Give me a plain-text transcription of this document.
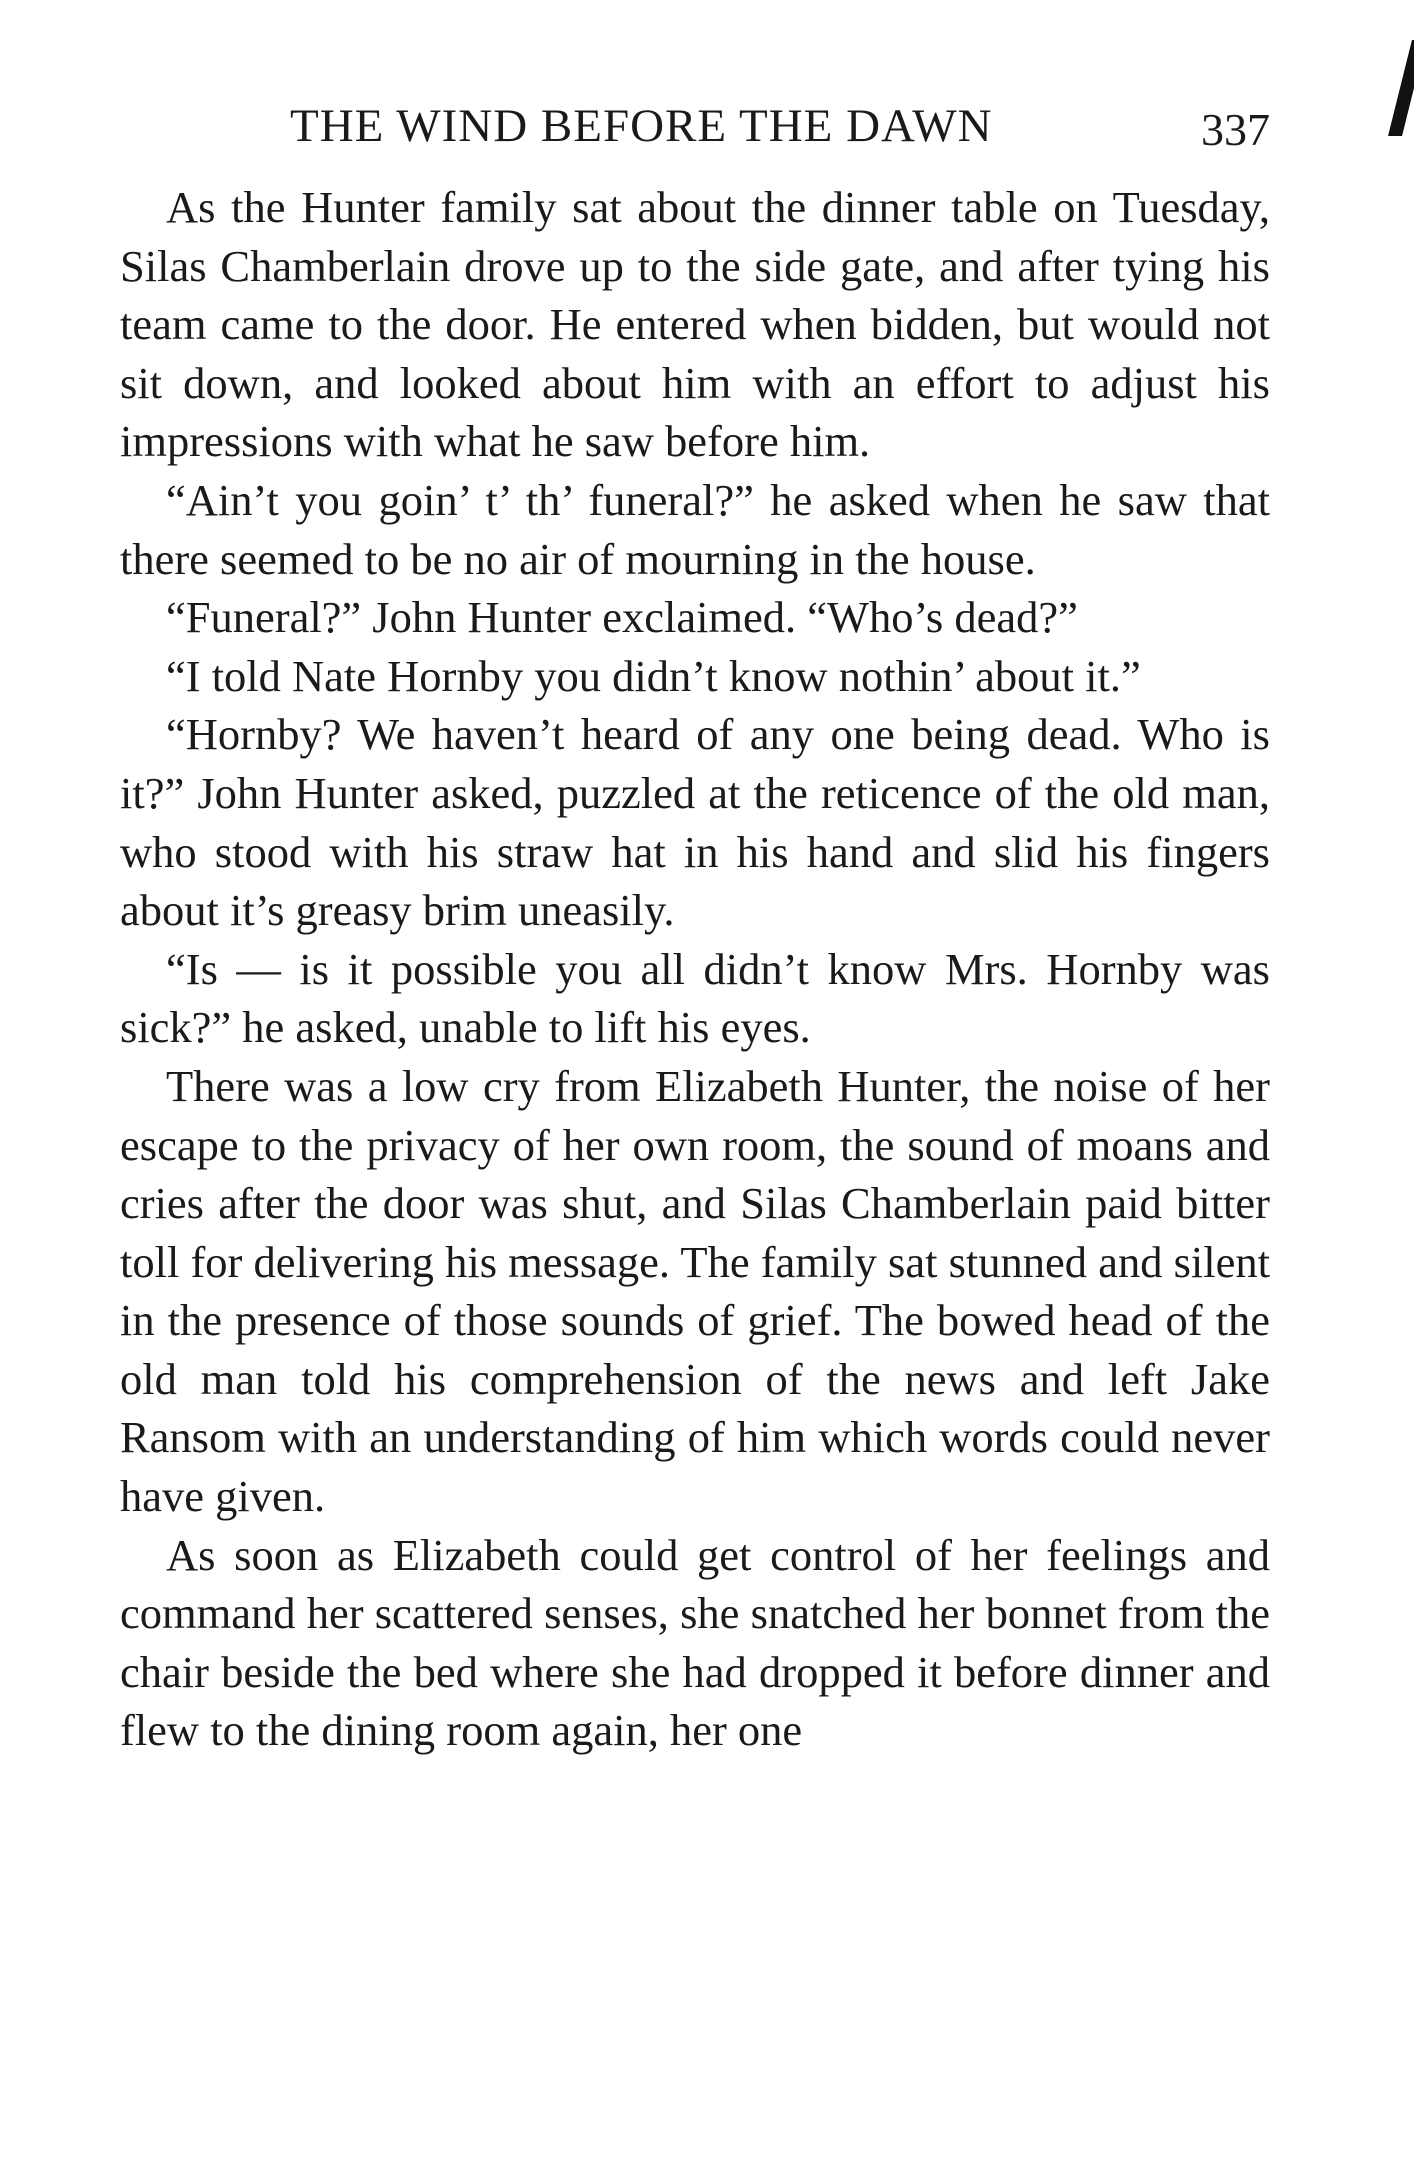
THE WIND BEFORE THE DAWN	337

As the Hunter family sat about the dinner table on Tuesday, Silas Chamberlain drove up to the side gate, and after tying his team came to the door. He entered when bidden, but would not sit down, and looked about him with an effort to adjust his impressions with what he saw before him.

“Ain’t you goin’ t’ th’ funeral?” he asked when he saw that there seemed to be no air of mourning in the house.

“Funeral?” John Hunter exclaimed. “Who’s dead?”

“I told Nate Hornby you didn’t know nothin’ about it.”

“Hornby? We haven’t heard of any one being dead. Who is it?” John Hunter asked, puzzled at the reticence of the old man, who stood with his straw hat in his hand and slid his fingers about it’s greasy brim uneasily.

“Is — is it possible you all didn’t know Mrs. Hornby was sick?” he asked, unable to lift his eyes.

There was a low cry from Elizabeth Hunter, the noise of her escape to the privacy of her own room, the sound of moans and cries after the door was shut, and Silas Chamberlain paid bitter toll for delivering his message. The family sat stunned and silent in the presence of those sounds of grief. The bowed head of the old man told his comprehension of the news and left Jake Ransom with an understanding of him which words could never have given.

As soon as Elizabeth could get control of her feelings and command her scattered senses, she snatched her bonnet from the chair beside the bed where she had dropped it before dinner and flew to the dining room again, her one
